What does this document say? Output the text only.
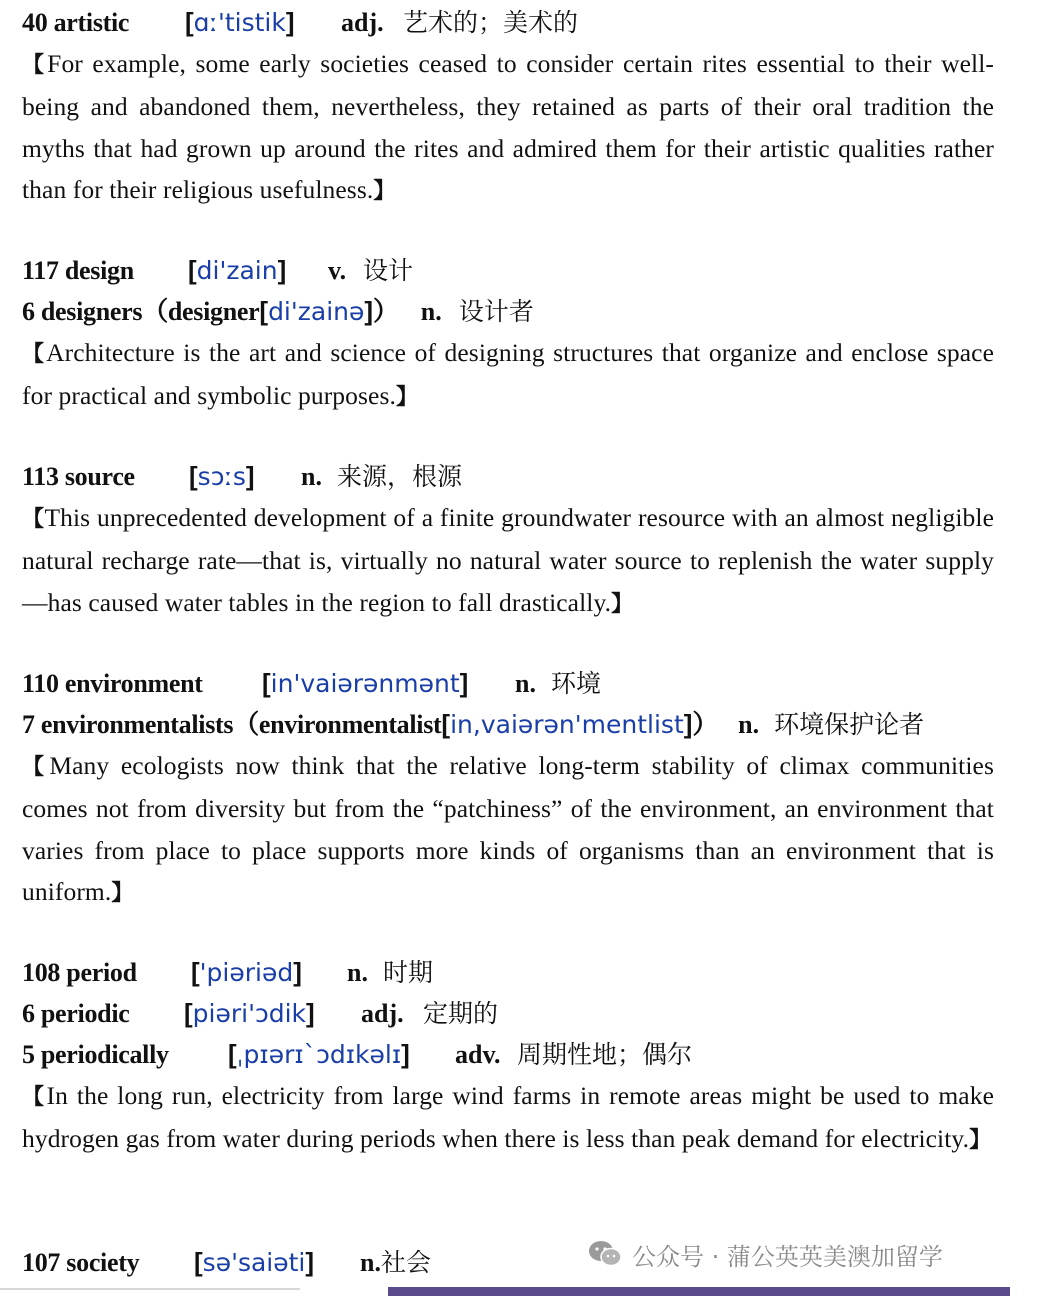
40 artistic [ɑː'tistik] adj. 艺术的；美术的
【For example, some early societies ceased to consider certain rites essential to their well-being and abandoned them, nevertheless, they retained as parts of their oral tradition the myths that had grown up around the rites and admired them for their artistic qualities rather than for their religious usefulness.】
117 design [di'zain] v. 设计
6 designers（designer[di'zainə]） n. 设计者
【Architecture is the art and science of designing structures that organize and enclose space for practical and symbolic purposes.】
113 source [sɔːs] n. 来源，根源
【This unprecedented development of a finite groundwater resource with an almost negligible natural recharge rate—that is, virtually no natural water source to replenish the water supply—has caused water tables in the region to fall drastically.】
110 environment [in'vaiərənmənt] n. 环境
7 environmentalists（environmentalist[in,vaiərən'mentlist]） n. 环境保护论者
【Many ecologists now think that the relative long-term stability of climax communities comes not from diversity but from the “patchiness” of the environment, an environment that varies from place to place supports more kinds of organisms than an environment that is uniform.】
108 period ['piəriəd] n. 时期
6 periodic [piəri'ɔdik] adj. 定期的
5 periodically [ˌpɪərɪˋɔdɪkəlɪ] adv. 周期性地；偶尔
【In the long run, electricity from large wind farms in remote areas might be used to make hydrogen gas from water during periods when there is less than peak demand for electricity.】
107 society [sə'saiəti] n.社会	公众号 · 蒲公英英美澳加留学
